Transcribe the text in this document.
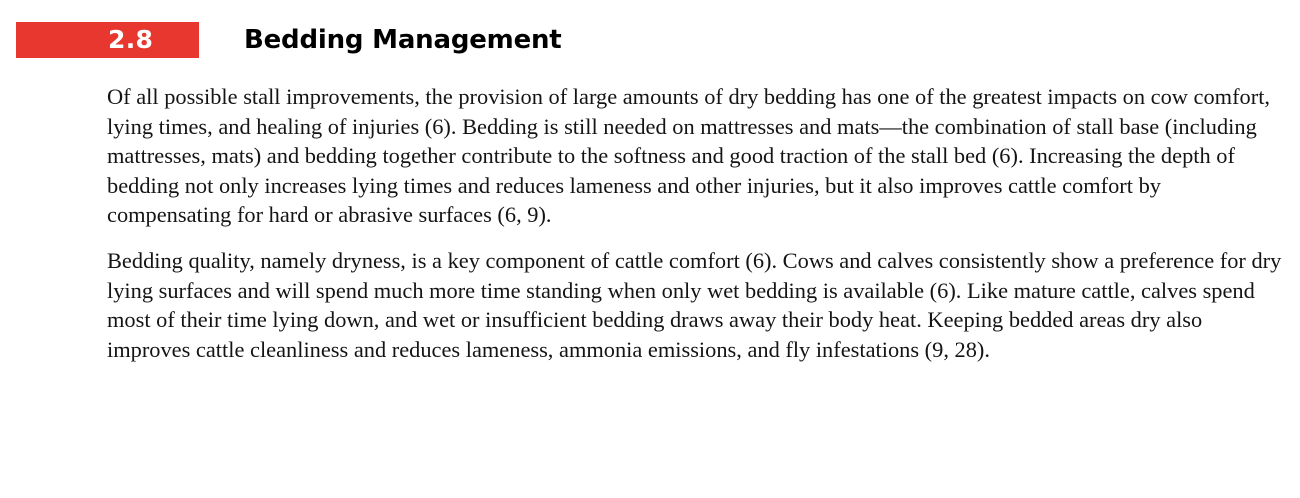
2.8	Bedding Management

Of all possible stall improvements, the provision of large amounts of dry bedding has one of the greatest impacts on cow comfort, lying times, and healing of injuries (6). Bedding is still needed on mattresses and mats—the combination of stall base (including mattresses, mats) and bedding together contribute to the softness and good traction of the stall bed (6). Increasing the depth of bedding not only increases lying times and reduces lameness and other injuries, but it also improves cattle comfort by compensating for hard or abrasive surfaces (6, 9).

Bedding quality, namely dryness, is a key component of cattle comfort (6). Cows and calves consistently show a preference for dry lying surfaces and will spend much more time standing when only wet bedding is available (6). Like mature cattle, calves spend most of their time lying down, and wet or insufficient bedding draws away their body heat. Keeping bedded areas dry also improves cattle cleanliness and reduces lameness, ammonia emissions, and fly infestations (9, 28).
